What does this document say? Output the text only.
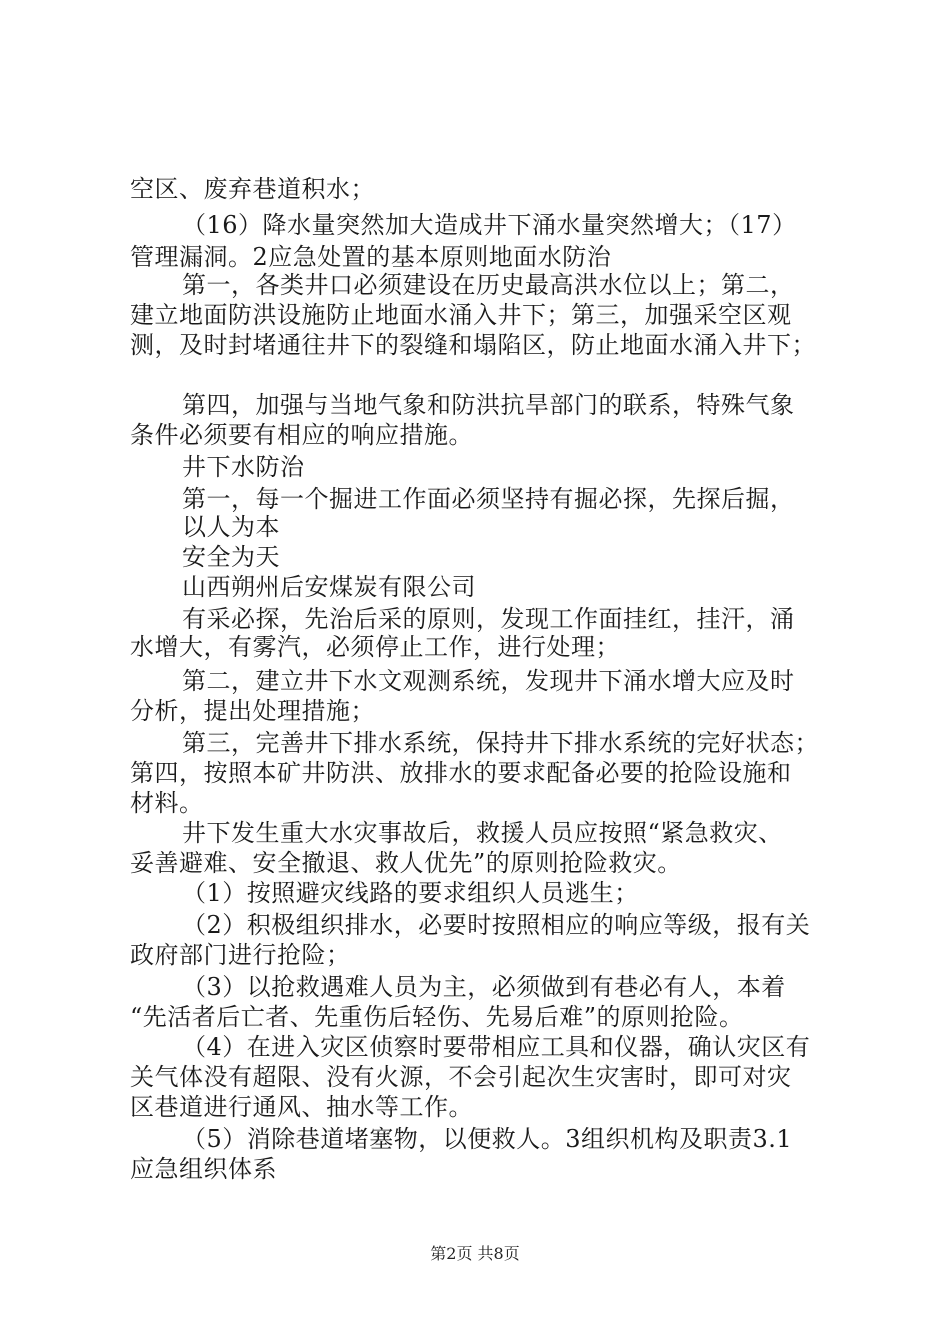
空区、废弃巷道积水；
（16）降水量突然加大造成井下涌水量突然增大；（17）
管理漏洞。2应急处置的基本原则地面水防治
第一，各类井口必须建设在历史最高洪水位以上；第二，
建立地面防洪设施防止地面水涌入井下；第三，加强采空区观
测，及时封堵通往井下的裂缝和塌陷区，防止地面水涌入井下；
第四，加强与当地气象和防洪抗旱部门的联系，特殊气象
条件必须要有相应的响应措施。
井下水防治
第一，每一个掘进工作面必须坚持有掘必探，先探后掘，
以人为本
安全为天
山西朔州后安煤炭有限公司
有采必探，先治后采的原则，发现工作面挂红，挂汗，涌
水增大，有雾汽，必须停止工作，进行处理；
第二，建立井下水文观测系统，发现井下涌水增大应及时
分析，提出处理措施；
第三，完善井下排水系统，保持井下排水系统的完好状态；
第四，按照本矿井防洪、放排水的要求配备必要的抢险设施和
材料。
井下发生重大水灾事故后，救援人员应按照“紧急救灾、
妥善避难、安全撤退、救人优先”的原则抢险救灾。
（1）按照避灾线路的要求组织人员逃生；
（2）积极组织排水，必要时按照相应的响应等级，报有关
政府部门进行抢险；
（3）以抢救遇难人员为主，必须做到有巷必有人，本着
“先活者后亡者、先重伤后轻伤、先易后难”的原则抢险。
（4）在进入灾区侦察时要带相应工具和仪器，确认灾区有
关气体没有超限、没有火源，不会引起次生灾害时，即可对灾
区巷道进行通风、抽水等工作。
（5）消除巷道堵塞物，以便救人。3组织机构及职责3.1
应急组织体系
第2页 共8页
